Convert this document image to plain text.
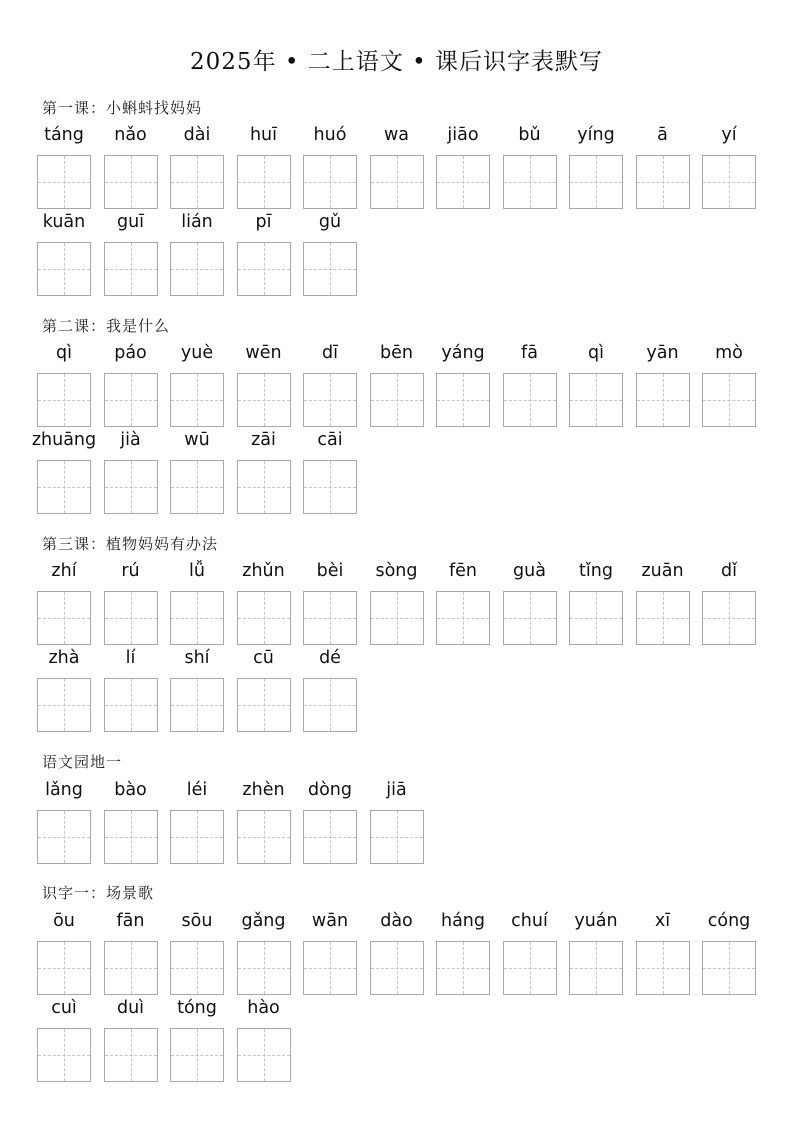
2025年 • 二上语文 • 课后识字表默写
第一课：小蝌蚪找妈妈
táng	nǎo	dài	huī	huó	wa	jiāo	bǔ	yíng	ā	yí
kuān	guī	lián	pī	gǔ
第二课：我是什么
qì	páo	yuè	wēn	dī	bēn	yáng	fā	qì	yān	mò
zhuāng	jià	wū	zāi	cāi
第三课：植物妈妈有办法
zhí	rú	lǚ	zhǔn	bèi	sòng	fēn	guà	tǐng	zuān	dǐ
zhà	lí	shí	cū	dé
语文园地一
lǎng	bào	léi	zhèn	dòng	jiā
识字一：场景歌
ōu	fān	sōu	gǎng	wān	dào	háng	chuí	yuán	xī	cóng
cuì	duì	tóng	hào
